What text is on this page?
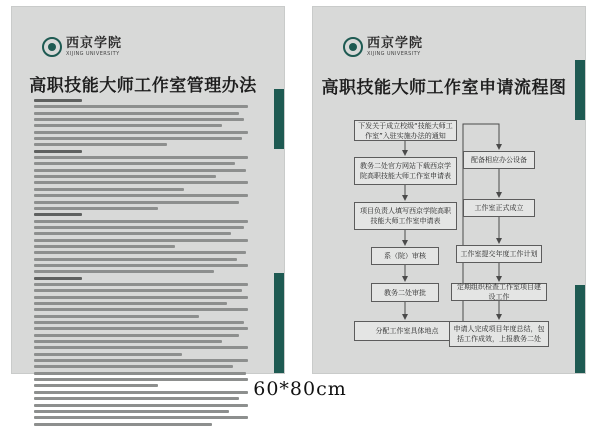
西京学院
XIJING UNIVERSITY
高职技能大师工作室管理办法
西京学院
XIJING UNIVERSITY
高职技能大师工作室申请流程图
下发关于成立校级“技能大师工作室”入驻实施办法的通知
教务二处官方网站下载西京学院高职技能大师工作室申请表
项目负责人填写西京学院高职技能大师工作室申请表
系（院）审核
教务二处审批
分配工作室具体地点
配备相应办公设备
工作室正式成立
工作室提交年度工作计划
定期组织检查工作室项目建设工作
申请人完成项目年度总结，包括工作成效，上报教务二处
60*80cm
